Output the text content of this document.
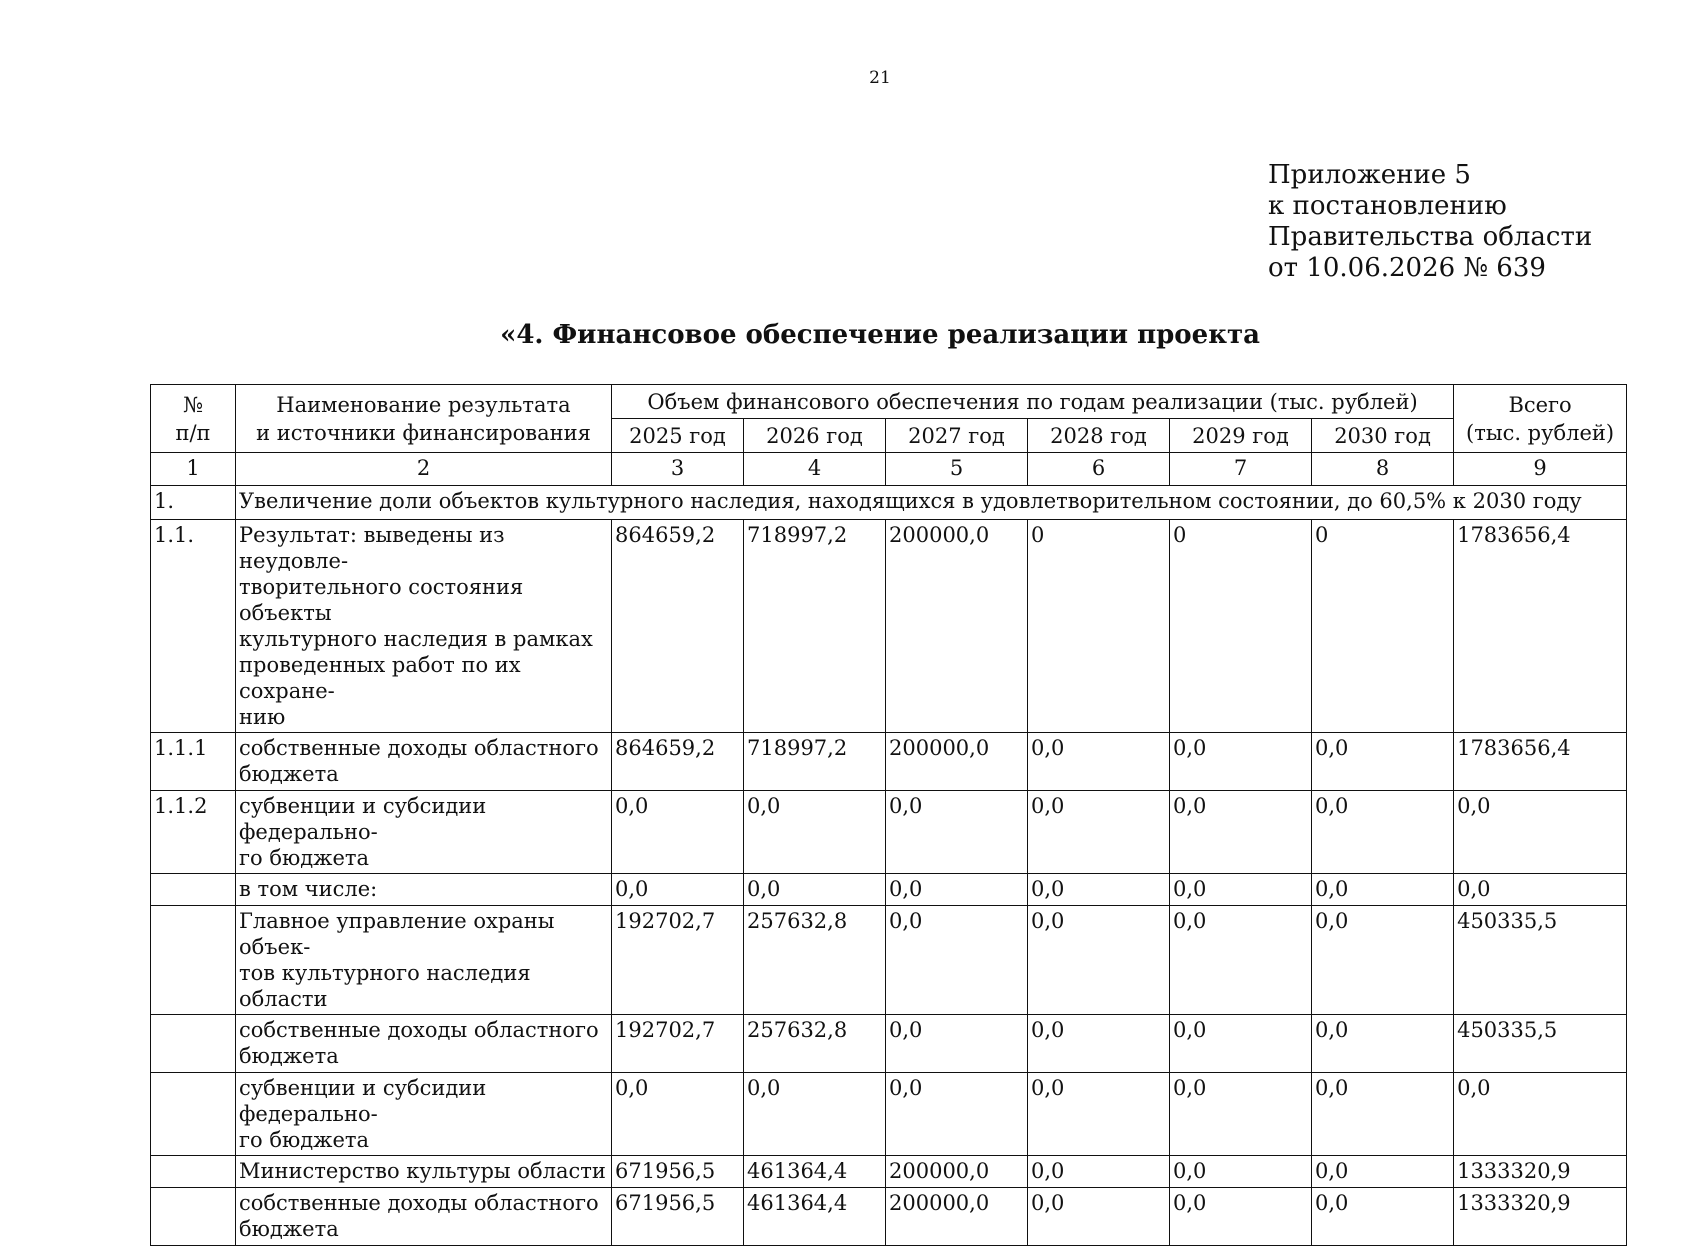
21
Приложение 5
к постановлению
Правительства области
от 10.06.2026 № 639
«4. Финансовое обеспечение реализации проекта
№
п/п	Наименование результата
и источники финансирования	Объем финансового обеспечения по годам реализации (тыс. рублей)						Всего
(тыс. рублей)
		2025 год	2026 год	2027 год	2028 год	2029 год	2030 год	
1	2	3	4	5	6	7	8	9
1.	Увеличение доли объектов культурного наследия, находящихся в удовлетворительном состоянии, до 60,5% к 2030 году							
1.1.	Результат: выведены из неудовле-
творительного состояния объекты
культурного наследия в рамках
проведенных работ по их сохране-
нию	864659,2	718997,2	200000,0	0	0	0	1783656,4
1.1.1	собственные доходы областного
бюджета	864659,2	718997,2	200000,0	0,0	0,0	0,0	1783656,4
1.1.2	субвенции и субсидии федерально-
го бюджета	0,0	0,0	0,0	0,0	0,0	0,0	0,0
	в том числе:	0,0	0,0	0,0	0,0	0,0	0,0	0,0
	Главное управление охраны объек-
тов культурного наследия области	192702,7	257632,8	0,0	0,0	0,0	0,0	450335,5
	собственные доходы областного
бюджета	192702,7	257632,8	0,0	0,0	0,0	0,0	450335,5
	субвенции и субсидии федерально-
го бюджета	0,0	0,0	0,0	0,0	0,0	0,0	0,0
	Министерство культуры области	671956,5	461364,4	200000,0	0,0	0,0	0,0	1333320,9
	собственные доходы областного
бюджета	671956,5	461364,4	200000,0	0,0	0,0	0,0	1333320,9
